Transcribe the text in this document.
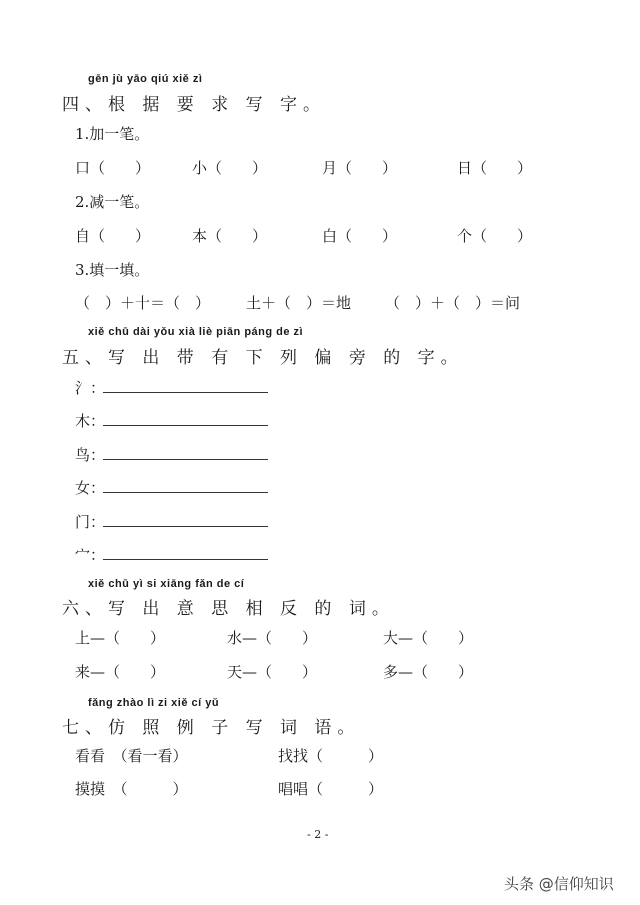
gēn jù yāo qiú xiě zì
四、根 据 要 求 写 字。
1.加一笔。
口（　　）	小（　　）	月（　　）	日（　　）
2.减一笔。
自（　　）	本（　　）	白（　　）	个（　　）
3.填一填。
（　）＋十＝（　） 土＋（　）＝地 （　）＋（　）＝问
xiě chū dài yǒu xià liè piān páng de zì
五、写 出 带 有 下 列 偏 旁 的 字。
氵：
木：
鸟：
女：
门：
宀：
xiě chū yì si xiāng fǎn de cí
六、写 出 意 思 相 反 的 词。
上—（　　）	水—（　　）	大—（　　）
来—（　　）	天—（　　）	多—（　　）
fǎng zhào lì zi xiě cí yǔ
七、仿 照 例 子 写 词 语。
看看　（看一看）	找找（　　　）
摸摸　（　　　）	唱唱（　　　）
- 2 -
头条 @信仰知识
